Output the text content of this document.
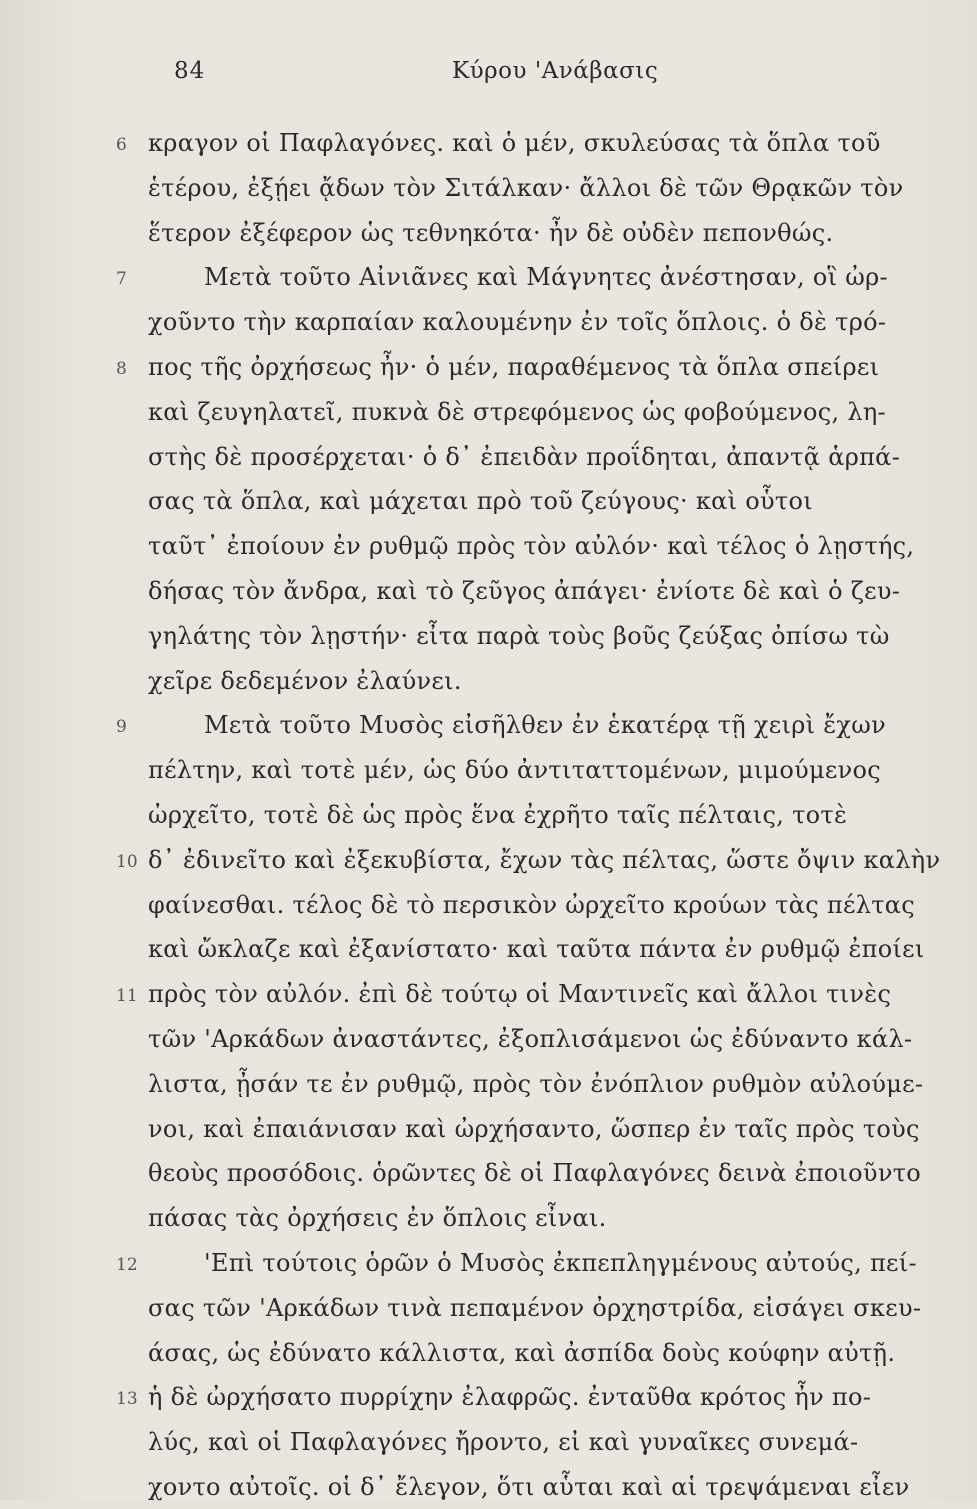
84	Κύρου 'Ανάβασις
6 κραγον οἱ Παφλαγόνες. καὶ ὁ μέν, σκυλεύσας τὰ ὅπλα τοῦ
ἑτέρου, ἐξῄει ᾄδων τὸν Σιτάλκαν· ἄλλοι δὲ τῶν Θρᾳκῶν τὸν
ἕτερον ἐξέφερον ὡς τεθνηκότα· ἦν δὲ οὐδὲν πεπονθώς.
7	Μετὰ τοῦτο Αἰνιᾶνες καὶ Μάγνητες ἀνέστησαν, οἳ ὠρ-
χοῦντο τὴν καρπαίαν καλουμένην ἐν τοῖς ὅπλοις. ὁ δὲ τρό-
8 πος τῆς ὀρχήσεως ἦν· ὁ μέν, παραθέμενος τὰ ὅπλα σπείρει
καὶ ζευγηλατεῖ, πυκνὰ δὲ στρεφόμενος ὡς φοβούμενος, λη-
στὴς δὲ προσέρχεται· ὁ δ᾽ ἐπειδὰν προΐδηται, ἀπαντᾷ ἁρπά-
σας τὰ ὅπλα, καὶ μάχεται πρὸ τοῦ ζεύγους· καὶ οὗτοι
ταῦτ᾽ ἐποίουν ἐν ρυθμῷ πρὸς τὸν αὐλόν· καὶ τέλος ὁ λῃστής,
δήσας τὸν ἄνδρα, καὶ τὸ ζεῦγος ἀπάγει· ἐνίοτε δὲ καὶ ὁ ζευ-
γηλάτης τὸν λῃστήν· εἶτα παρὰ τοὺς βοῦς ζεύξας ὀπίσω τὼ
χεῖρε δεδεμένον ἐλαύνει.
9	Μετὰ τοῦτο Μυσὸς εἰσῆλθεν ἐν ἑκατέρᾳ τῇ χειρὶ ἔχων
πέλτην, καὶ τοτὲ μέν, ὡς δύο ἀντιταττομένων, μιμούμενος
ὠρχεῖτο, τοτὲ δὲ ὡς πρὸς ἕνα ἐχρῆτο ταῖς πέλταις, τοτὲ
10 δ᾽ ἐδινεῖτο καὶ ἐξεκυβίστα, ἔχων τὰς πέλτας, ὥστε ὄψιν καλὴν
φαίνεσθαι. τέλος δὲ τὸ περσικὸν ὠρχεῖτο κρούων τὰς πέλτας
καὶ ὤκλαζε καὶ ἐξανίστατο· καὶ ταῦτα πάντα ἐν ρυθμῷ ἐποίει
11 πρὸς τὸν αὐλόν. ἐπὶ δὲ τούτῳ οἱ Μαντινεῖς καὶ ἄλλοι τινὲς
τῶν 'Αρκάδων ἀναστάντες, ἐξοπλισάμενοι ὡς ἐδύναντο κάλ-
λιστα, ᾖσάν τε ἐν ρυθμῷ, πρὸς τὸν ἐνόπλιον ρυθμὸν αὐλούμε-
νοι, καὶ ἐπαιάνισαν καὶ ὠρχήσαντο, ὥσπερ ἐν ταῖς πρὸς τοὺς
θεοὺς προσόδοις. ὁρῶντες δὲ οἱ Παφλαγόνες δεινὰ ἐποιοῦντο
πάσας τὰς ὀρχήσεις ἐν ὅπλοις εἶναι.
12	'Επὶ τούτοις ὁρῶν ὁ Μυσὸς ἐκπεπληγμένους αὐτούς, πεί-
σας τῶν 'Αρκάδων τινὰ πεπαμένον ὀρχηστρίδα, εἰσάγει σκευ-
άσας, ὡς ἐδύνατο κάλλιστα, καὶ ἀσπίδα δοὺς κούφην αὐτῇ.
13 ἡ δὲ ὠρχήσατο πυρρίχην ἐλαφρῶς. ἐνταῦθα κρότος ἦν πο-
λύς, καὶ οἱ Παφλαγόνες ἤροντο, εἰ καὶ γυναῖκες συνεμά-
χοντο αὐτοῖς. οἱ δ᾽ ἔλεγον, ὅτι αὗται καὶ αἱ τρεψάμεναι εἶεν
